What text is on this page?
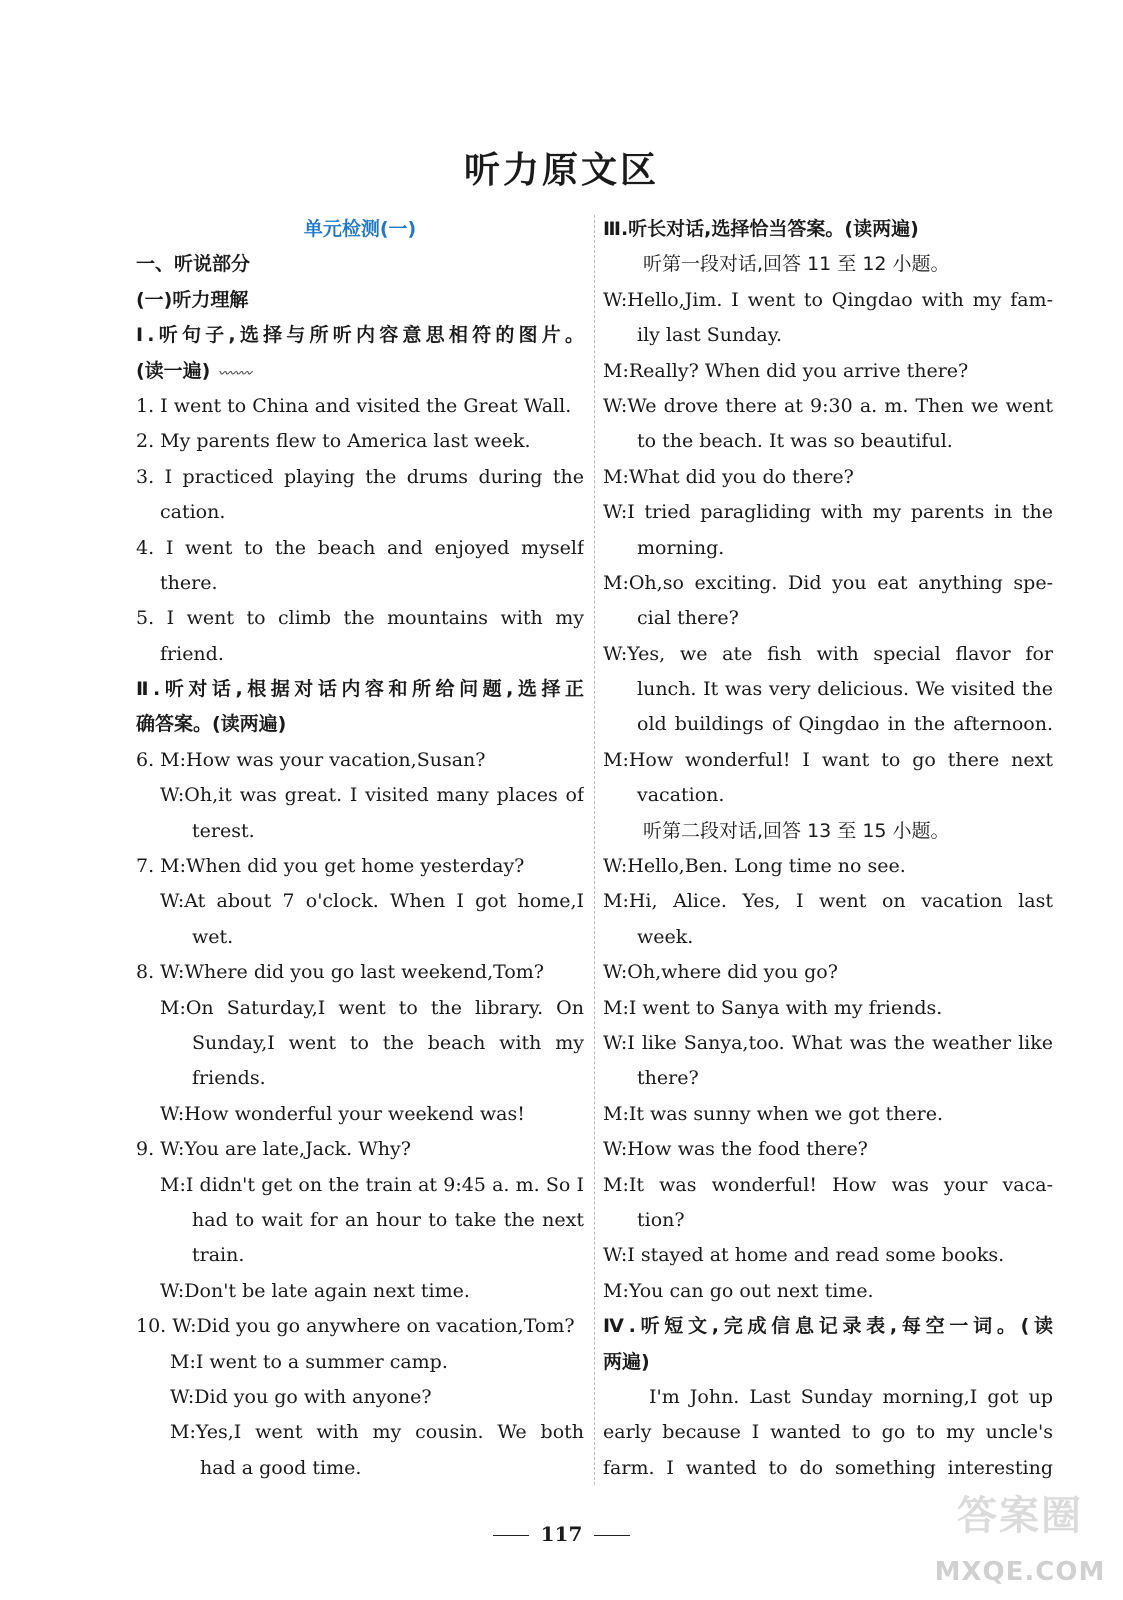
听力原文区
单元检测(一)
一、听说部分
(一)听力理解
Ⅰ.听句子,选择与所听内容意思相符的图片。
(读一遍) 〰〰〰
1. I went to China and visited the Great Wall.
2. My parents flew to America last week.
3. I practiced playing the drums during the
cation.
4. I went to the beach and enjoyed myself
there.
5. I went to climb the mountains with my
friend.
Ⅱ.听对话,根据对话内容和所给问题,选择正
确答案。(读两遍)
6. M:How was your vacation,Susan?
W:Oh,it was great. I visited many places of
terest.
7. M:When did you get home yesterday?
W:At about 7 o'clock. When I got home,I
wet.
8. W:Where did you go last weekend,Tom?
M:On Saturday,I went to the library. On
Sunday,I went to the beach with my
friends.
W:How wonderful your weekend was!
9. W:You are late,Jack. Why?
M:I didn't get on the train at 9:45 a. m. So I
had to wait for an hour to take the next
train.
W:Don't be late again next time.
10. W:Did you go anywhere on vacation,Tom?
M:I went to a summer camp.
W:Did you go with anyone?
M:Yes,I went with my cousin. We both
had a good time.
Ⅲ.听长对话,选择恰当答案。(读两遍)
听第一段对话,回答 11 至 12 小题。
W:Hello,Jim. I went to Qingdao with my fam-
ily last Sunday.
M:Really? When did you arrive there?
W:We drove there at 9:30 a. m. Then we went
to the beach. It was so beautiful.
M:What did you do there?
W:I tried paragliding with my parents in the
morning.
M:Oh,so exciting. Did you eat anything spe-
cial there?
W:Yes, we ate fish with special flavor for
lunch. It was very delicious. We visited the
old buildings of Qingdao in the afternoon.
M:How wonderful! I want to go there next
vacation.
听第二段对话,回答 13 至 15 小题。
W:Hello,Ben. Long time no see.
M:Hi, Alice. Yes, I went on vacation last
week.
W:Oh,where did you go?
M:I went to Sanya with my friends.
W:I like Sanya,too. What was the weather like
there?
M:It was sunny when we got there.
W:How was the food there?
M:It was wonderful! How was your vaca-
tion?
W:I stayed at home and read some books.
M:You can go out next time.
Ⅳ.听短文,完成信息记录表,每空一词。(读
两遍)
I'm John. Last Sunday morning,I got up
early because I wanted to go to my uncle's
farm. I wanted to do something interesting
117	答案圈
MXQE.COM
